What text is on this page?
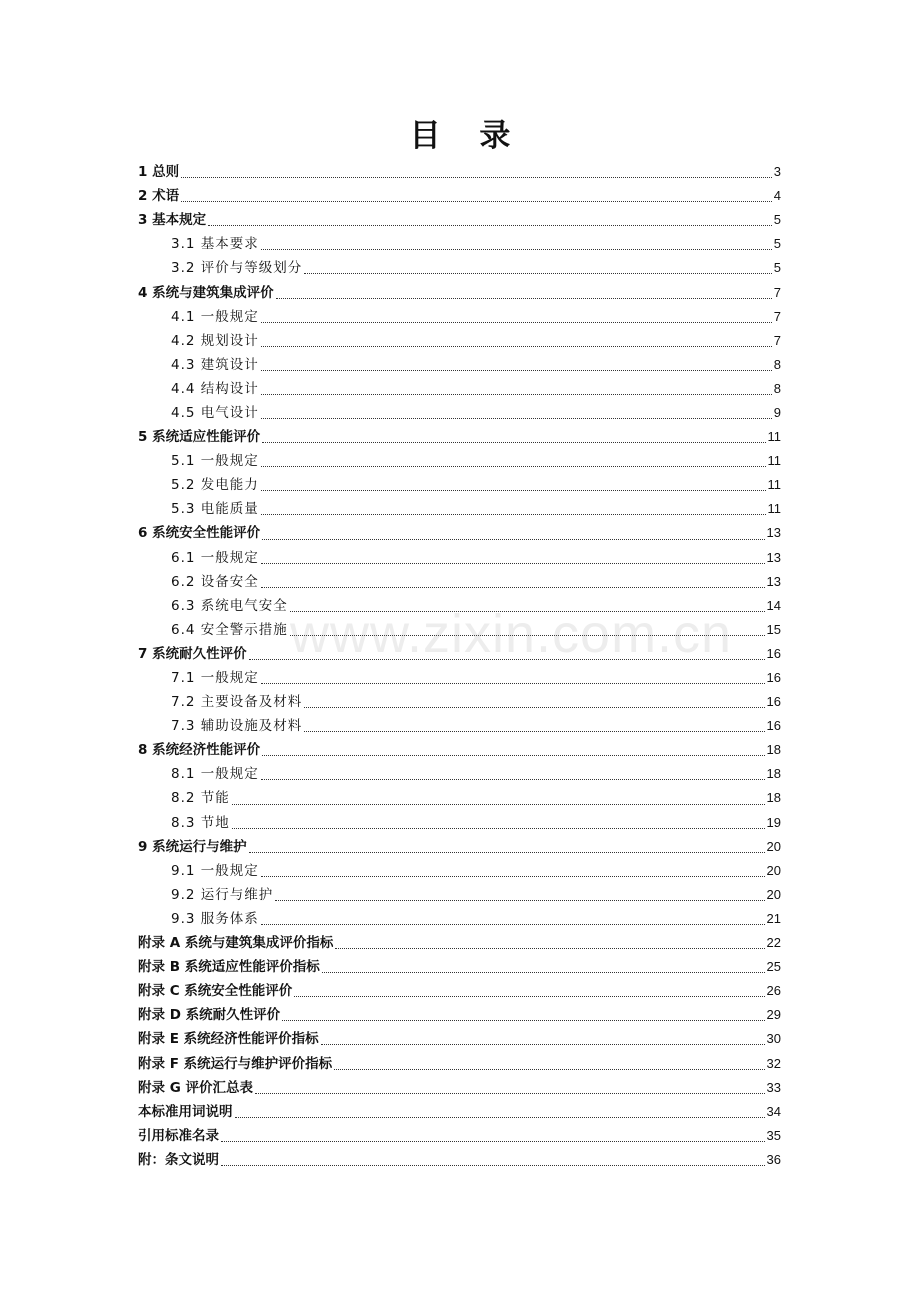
目 录
1 总则	3
2 术语	4
3 基本规定	5
3.1 基本要求	5
3.2 评价与等级划分	5
4 系统与建筑集成评价	7
4.1 一般规定	7
4.2 规划设计	7
4.3 建筑设计	8
4.4 结构设计	8
4.5 电气设计	9
5 系统适应性能评价	11
5.1 一般规定	11
5.2 发电能力	11
5.3 电能质量	11
6 系统安全性能评价	13
6.1 一般规定	13
6.2 设备安全	13
6.3 系统电气安全	14
6.4 安全警示措施	15
7 系统耐久性评价	16
7.1 一般规定	16
7.2 主要设备及材料	16
7.3 辅助设施及材料	16
8 系统经济性能评价	18
8.1 一般规定	18
8.2 节能	18
8.3 节地	19
9 系统运行与维护	20
9.1 一般规定	20
9.2 运行与维护	20
9.3 服务体系	21
附录 A 系统与建筑集成评价指标	22
附录 B 系统适应性能评价指标	25
附录 C 系统安全性能评价	26
附录 D 系统耐久性评价	29
附录 E 系统经济性能评价指标	30
附录 F 系统运行与维护评价指标	32
附录 G 评价汇总表	33
本标准用词说明	34
引用标准名录	35
附：条文说明	36
www.zixin.com.cn
